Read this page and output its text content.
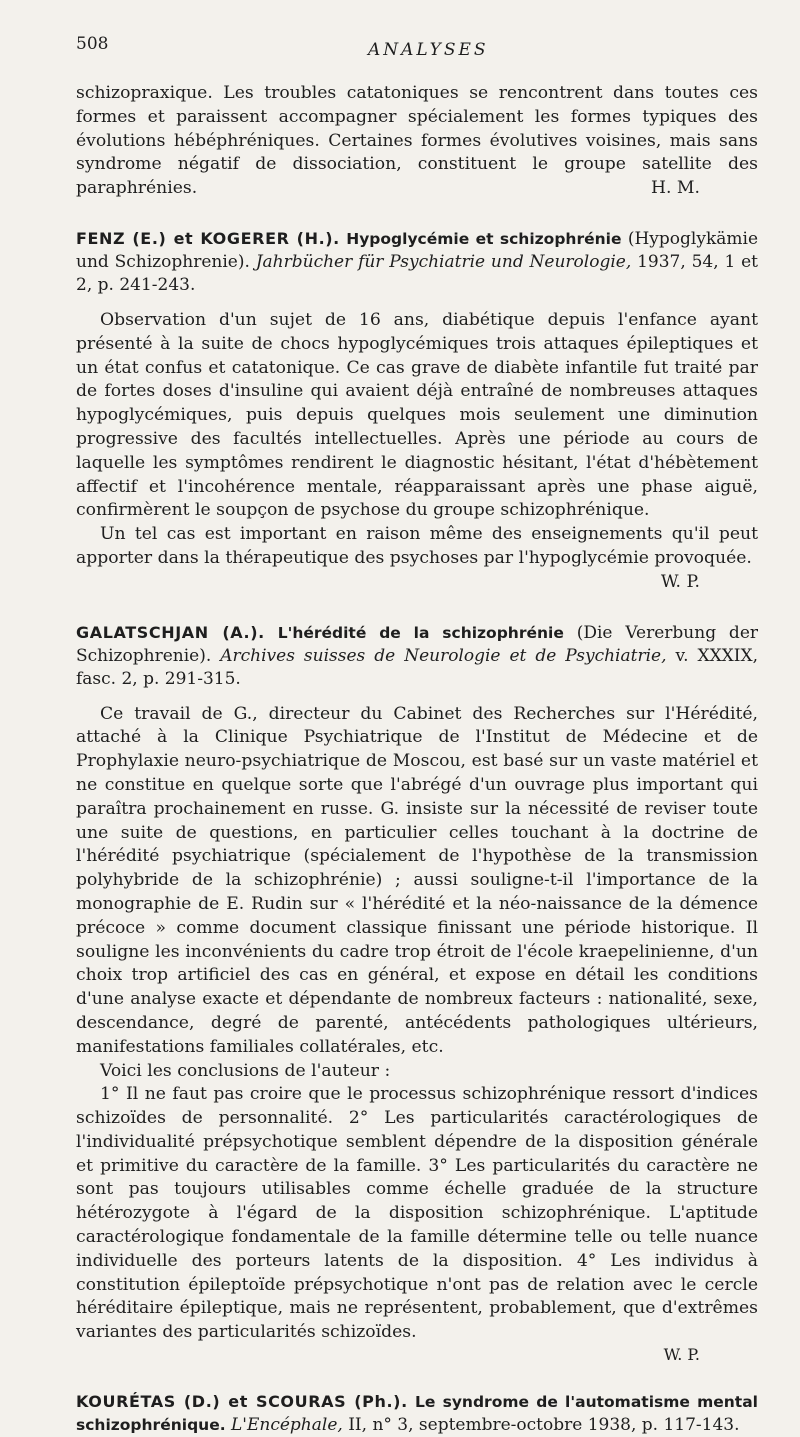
508	ANALYSES

schizopraxique. Les troubles catatoniques se rencontrent dans toutes ces formes et paraissent accompagner spécialement les formes typiques des évolutions hébéphréniques. Certaines formes évolutives voisines, mais sans syndrome négatif de dissociation, constituent le groupe satellite des paraphrénies.	H. M.

FENZ (E.) et KOGERER (H.). Hypoglycémie et schizophrénie (Hypoglykämie und Schizophrenie). Jahrbücher für Psychiatrie und Neurologie, 1937, 54, 1 et 2, p. 241-243.

Observation d'un sujet de 16 ans, diabétique depuis l'enfance ayant présenté à la suite de chocs hypoglycémiques trois attaques épileptiques et un état confus et catatonique. Ce cas grave de diabète infantile fut traité par de fortes doses d'insuline qui avaient déjà entraîné de nombreuses attaques hypoglycémiques, puis depuis quelques mois seulement une diminution progressive des facultés intellectuelles. Après une période au cours de laquelle les symptômes rendirent le diagnostic hésitant, l'état d'hébètement affectif et l'incohérence mentale, réapparaissant après une phase aiguë, confirmèrent le soupçon de psychose du groupe schizophrénique.

Un tel cas est important en raison même des enseignements qu'il peut apporter dans la thérapeutique des psychoses par l'hypoglycémie provoquée.
W. P.

GALATSCHJAN (A.). L'hérédité de la schizophrénie (Die Vererbung der Schizophrenie). Archives suisses de Neurologie et de Psychiatrie, v. XXXIX, fasc. 2, p. 291-315.

Ce travail de G., directeur du Cabinet des Recherches sur l'Hérédité, attaché à la Clinique Psychiatrique de l'Institut de Médecine et de Prophylaxie neuro-psychiatrique de Moscou, est basé sur un vaste matériel et ne constitue en quelque sorte que l'abrégé d'un ouvrage plus important qui paraîtra prochainement en russe. G. insiste sur la nécessité de reviser toute une suite de questions, en particulier celles touchant à la doctrine de l'hérédité psychiatrique (spécialement de l'hypothèse de la transmission polyhybride de la schizophrénie) ; aussi souligne-t-il l'importance de la monographie de E. Rudin sur « l'hérédité et la néo-naissance de la démence précoce » comme document classique finissant une période historique. Il souligne les inconvénients du cadre trop étroit de l'école kraepelinienne, d'un choix trop artificiel des cas en général, et expose en détail les conditions d'une analyse exacte et dépendante de nombreux facteurs : nationalité, sexe, descendance, degré de parenté, antécédents pathologiques ultérieurs, manifestations familiales collatérales, etc.

Voici les conclusions de l'auteur :

1° Il ne faut pas croire que le processus schizophrénique ressort d'indices schizoïdes de personnalité. 2° Les particularités caractérologiques de l'individualité prépsychotique semblent dépendre de la disposition générale et primitive du caractère de la famille. 3° Les particularités du caractère ne sont pas toujours utilisables comme échelle graduée de la structure hétérozygote à l'égard de la disposition schizophrénique. L'aptitude caractérologique fondamentale de la famille détermine telle ou telle nuance individuelle des porteurs latents de la disposition. 4° Les individus à constitution épileptoïde prépsychotique n'ont pas de relation avec le cercle héréditaire épileptique, mais ne représentent, probablement, que d'extrêmes variantes des particularités schizoïdes.

W. P.
KOURÉTAS (D.) et SCOURAS (Ph.). Le syndrome de l'automatisme mental schizophrénique. L'Encéphale, II, n° 3, septembre-octobre 1938, p. 117-143.
